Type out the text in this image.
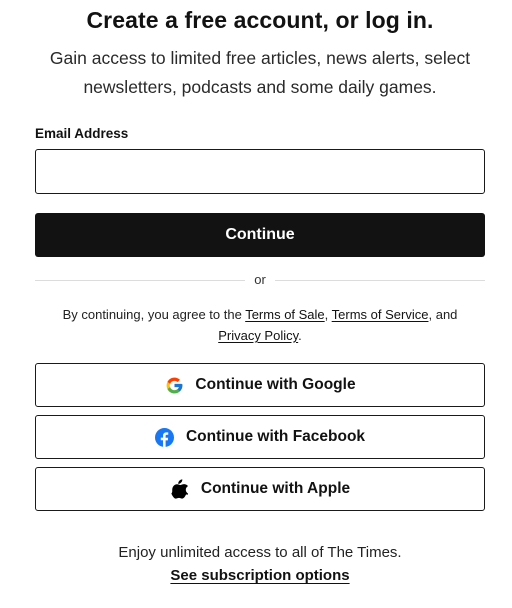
Create a free account, or log in.
Gain access to limited free articles, news alerts, select
newsletters, podcasts and some daily games.
Email Address
Continue
or
By continuing, you agree to the Terms of Sale, Terms of Service, and
Privacy Policy.
Continue with Google
Continue with Facebook
Continue with Apple
Enjoy unlimited access to all of The Times.
See subscription options
